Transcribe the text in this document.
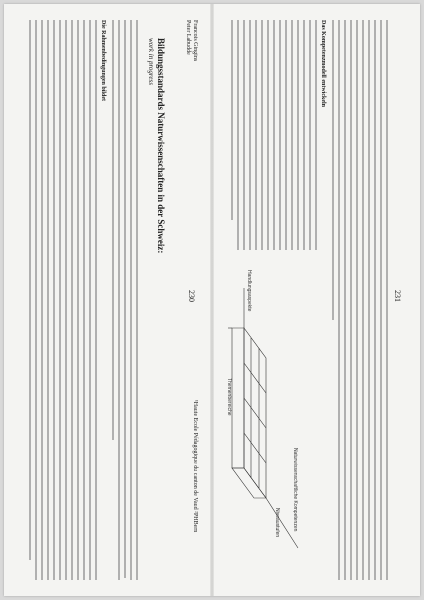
230
Francois Gingins
Peter Labudde
¹Haute Ecole Pédagogique du canton de Vaud ²PHBern
Bildungsstandards Naturwissenschaften in der Schweiz:
work in progress
Die Rahmenbedingungen bildet
231
Das Kompetenzmodell entwickeln
Naturwissenschaftliche Kompetenzen
Niveaustufen
Handlungsaspekte
Themenbereiche
